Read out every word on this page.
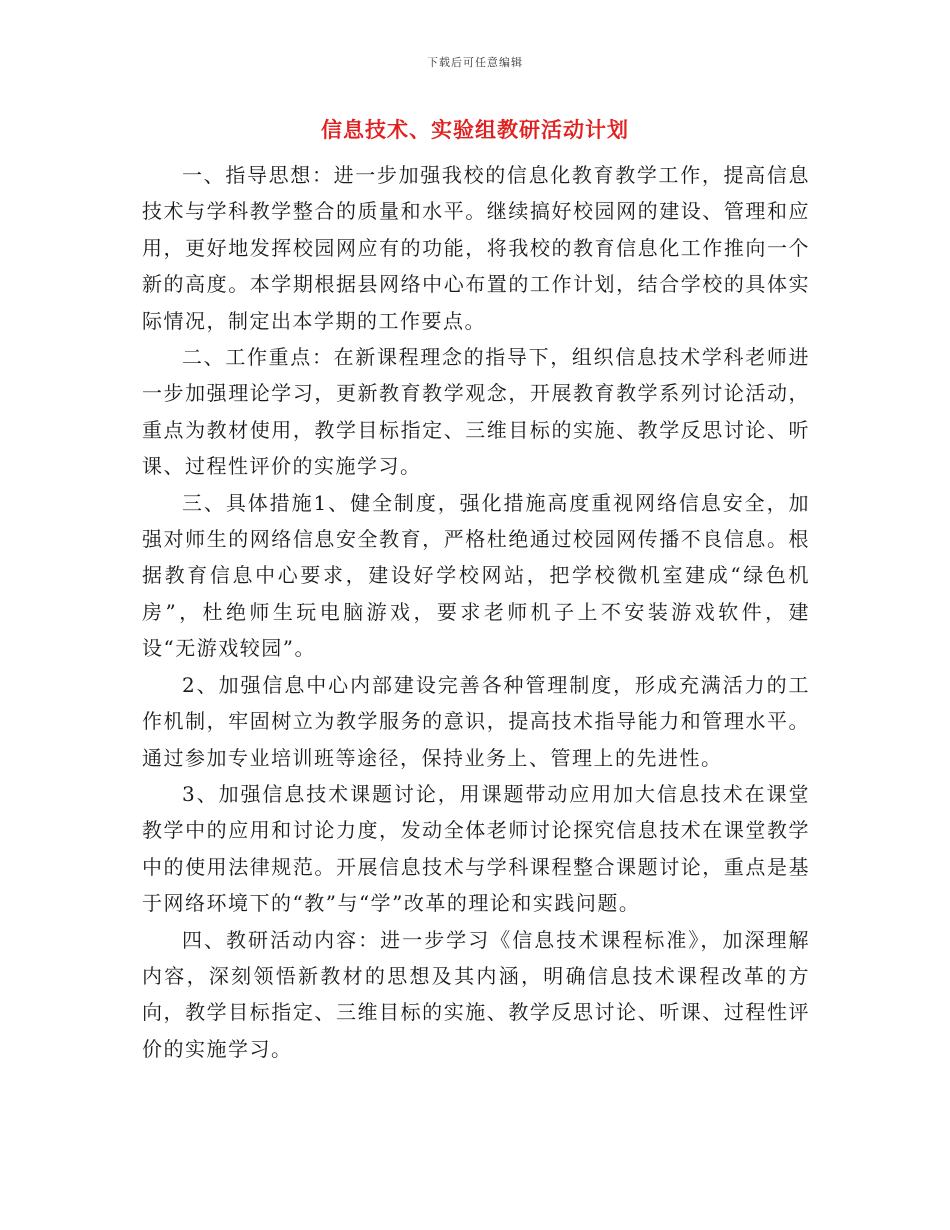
下载后可任意编辑
信息技术、实验组教研活动计划

一、指导思想：进一步加强我校的信息化教育教学工作，提高信息技术与学科教学整合的质量和水平。继续搞好校园网的建设、管理和应用，更好地发挥校园网应有的功能，将我校的教育信息化工作推向一个新的高度。本学期根据县网络中心布置的工作计划，结合学校的具体实际情况，制定出本学期的工作要点。

二、工作重点：在新课程理念的指导下，组织信息技术学科老师进一步加强理论学习，更新教育教学观念，开展教育教学系列讨论活动，重点为教材使用，教学目标指定、三维目标的实施、教学反思讨论、听课、过程性评价的实施学习。

三、具体措施1、健全制度，强化措施高度重视网络信息安全，加强对师生的网络信息安全教育，严格杜绝通过校园网传播不良信息。根据教育信息中心要求，建设好学校网站，把学校微机室建成“绿色机房”，杜绝师生玩电脑游戏，要求老师机子上不安装游戏软件，建设“无游戏较园”。

2、加强信息中心内部建设完善各种管理制度，形成充满活力的工作机制，牢固树立为教学服务的意识，提高技术指导能力和管理水平。通过参加专业培训班等途径，保持业务上、管理上的先进性。

3、加强信息技术课题讨论，用课题带动应用加大信息技术在课堂教学中的应用和讨论力度，发动全体老师讨论探究信息技术在课堂教学中的使用法律规范。开展信息技术与学科课程整合课题讨论，重点是基于网络环境下的“教”与“学”改革的理论和实践问题。

四、教研活动内容：进一步学习《信息技术课程标准》，加深理解内容，深刻领悟新教材的思想及其内涵，明确信息技术课程改革的方向，教学目标指定、三维目标的实施、教学反思讨论、听课、过程性评价的实施学习。
